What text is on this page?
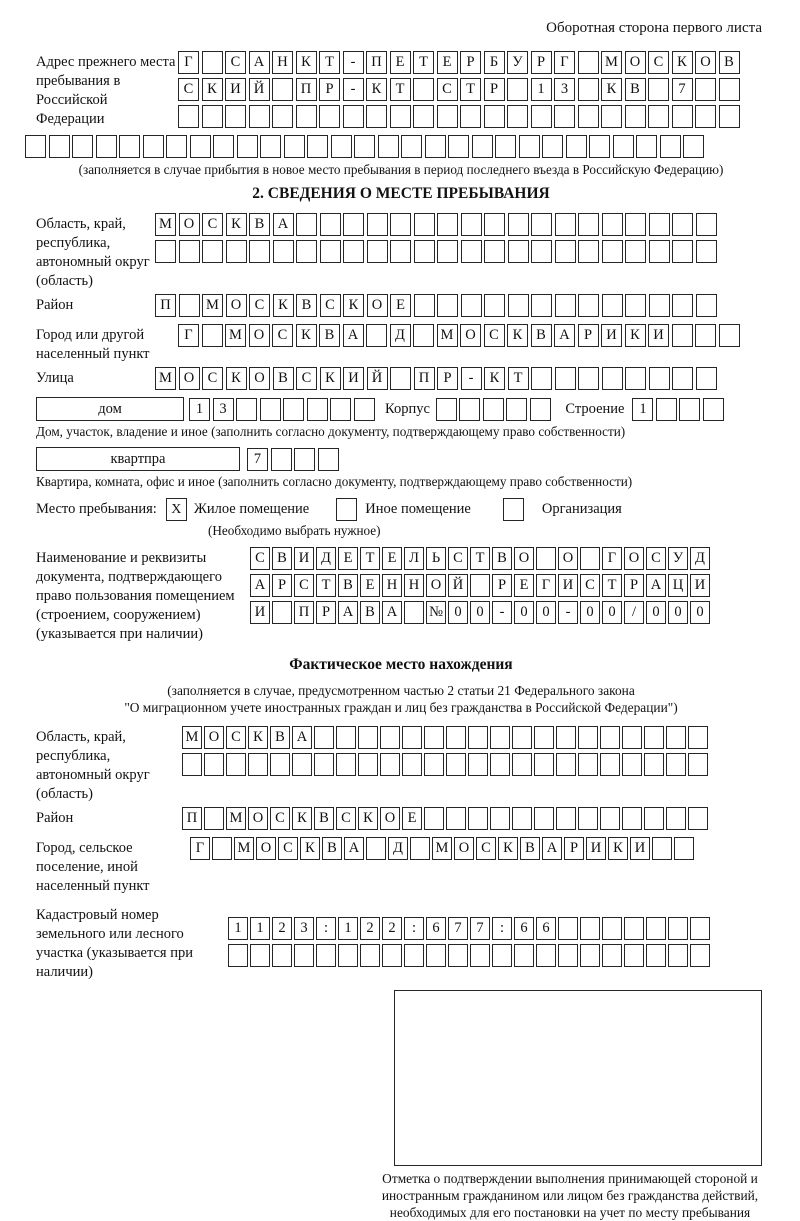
Оборотная сторона первого листа
Адрес прежнего места пребывания в Российской Федерации
Г	С А Н К Т	-	П Е	Т	Е	Р	Б У Р	Г	М О С К О В
С К И Й	П Р	-	К Т	С Т	Р	1	3	К В	7
(заполняется в случае прибытия в новое место пребывания в период последнего въезда в Российскую Федерацию)
2. СВЕДЕНИЯ О МЕСТЕ ПРЕБЫВАНИЯ
Область, край, республика, автономный округ (область)
М О С К В А
Район	П	М О С К В С К О Е
Город или другой населенный пункт
Г	М О С К В А	Д	М О С К В А Р И К И
Улица	М О С К О В С К И Й	П Р	-	К Т
дом	1	3	Корпус	Строение	1
Дом, участок, владение и иное (заполнить согласно документу, подтверждающему право собственности)
квартпра	7
Квартира, комната, офис и иное (заполнить согласно документу, подтверждающему право собственности)
Место пребывания:	X Жилое помещение	Иное помещение	Организация
(Необходимо выбрать нужное)
Наименование и реквизиты документа, подтверждающего право пользования помещением (строением, сооружением) (указывается при наличии)
С В И Д Е Т Е Л Ь С Т В О	О	Г О С У Д
А Р С Т В Е Н Н О Й	Р Е Г И С Т Р А Ц И
И	П Р А В А	№ 0	0	-	0	0	-	0	0	/	0	0	0
Фактическое место нахождения
(заполняется в случае, предусмотренном частью 2 статьи 21 Федерального закона
"О миграционном учете иностранных граждан и лиц без гражданства в Российской Федерации")
Область, край, республика, автономный округ (область)
М О С К В А
Район	П	М О С К В С К О Е
Город, сельское поселение, иной населенный пункт
Г	М О С К В А	Д	М О С К В А Р И К И
Кадастровый номер земельного или лесного участка (указывается при наличии)
1	1	2	3	:	1	2	2	:	6	7	7	:	6	6
Отметка о подтверждении выполнения принимающей стороной и иностранным гражданином или лицом без гражданства действий, необходимых для его постановки на учет по месту пребывания
